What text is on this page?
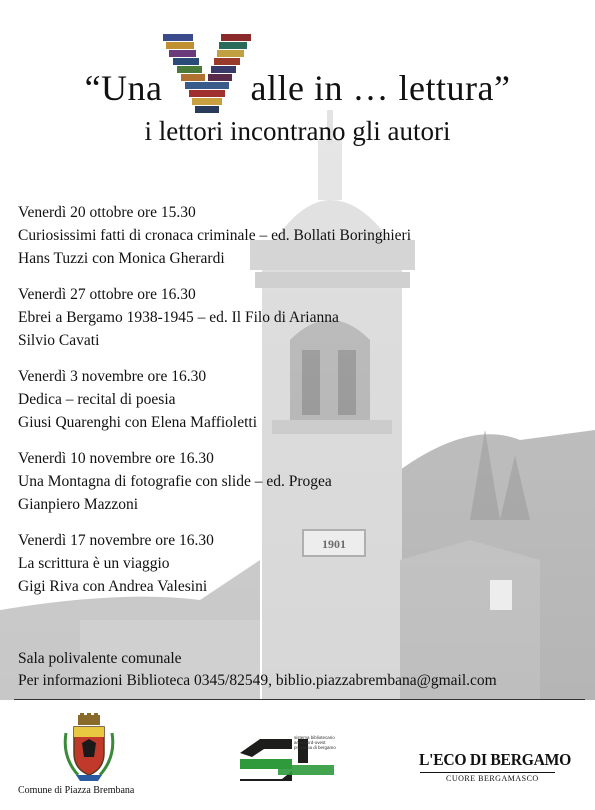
1901
“Una alle in … lettura”
i lettori incontrano gli autori
Venerdì 20 ottobre ore 15.30
Curiosissimi fatti di cronaca criminale – ed. Bollati Boringhieri
Hans Tuzzi con Monica Gherardi
Venerdì 27 ottobre ore 16.30
Ebrei a Bergamo 1938-1945 – ed. Il Filo di Arianna
Silvio Cavati
Venerdì 3 novembre ore 16.30
Dedica – recital di poesia
Giusi Quarenghi con Elena Maffioletti
Venerdì 10 novembre ore 16.30
Una Montagna di fotografie con slide – ed. Progea
Gianpiero Mazzoni
Venerdì 17 novembre ore 16.30
La scrittura è un viaggio
Gigi Riva con Andrea Valesini
Sala polivalente comunale
Per informazioni Biblioteca 0345/82549, biblio.piazzabrembana@gmail.com
Comune di Piazza Brembana
sistema bibliotecario
area nord-ovest
provincia di bergamo
L'ECO DI BERGAMO
CUORE BERGAMASCO
